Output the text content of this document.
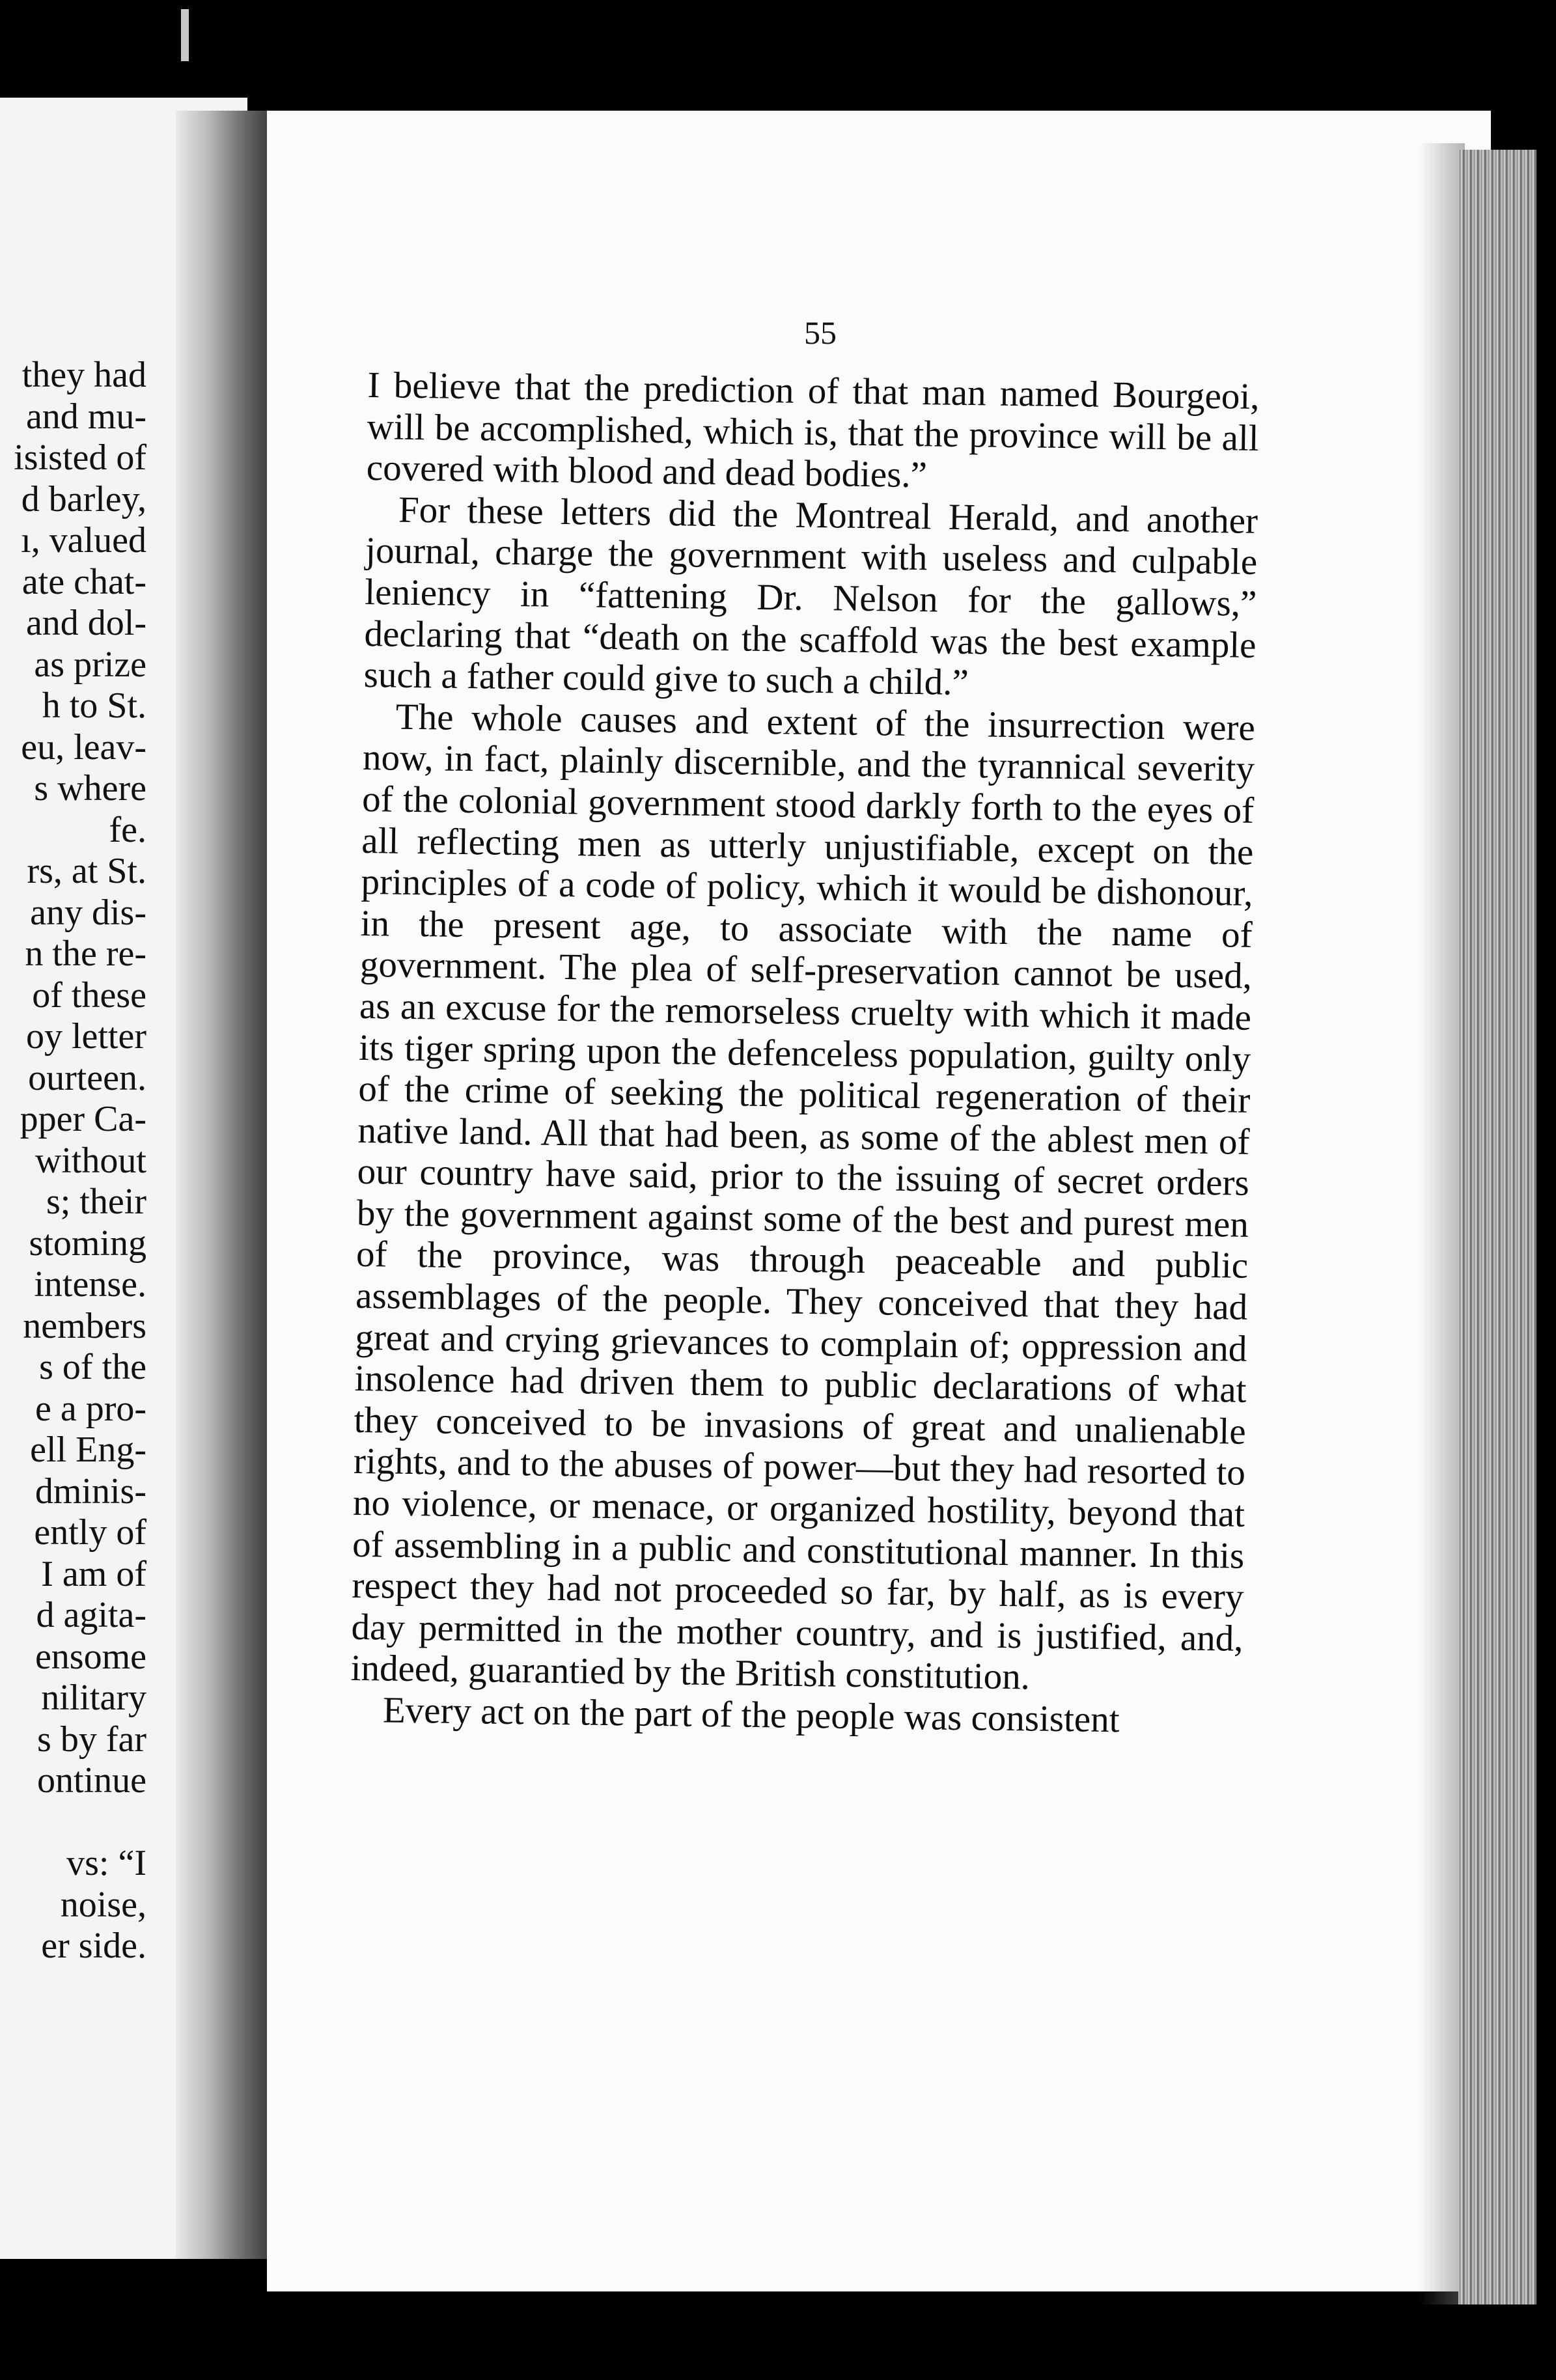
they had
and mu-
isisted of
d barley,
ı, valued
ate chat-
and dol-
as prize
h to St.
eu, leav-
s where
fe.
rs, at St.
any dis-
n the re-
of these
oy letter
ourteen.
pper Ca-
without
s; their
stoming
intense.
nembers
s of the
e a pro-
ell Eng-
dminis-
ently of
I am of
d agita-
ensome
nilitary
s by far
ontinue
vs: “I
noise,
er side.
55

I believe that the prediction of that man named Bourgeoi, will be accomplished, which is, that the province will be all covered with blood and dead bodies.”

For these letters did the Montreal Herald, and another journal, charge the government with useless and culpable leniency in “fattening Dr. Nelson for the gallows,” declaring that “death on the scaffold was the best example such a father could give to such a child.”

The whole causes and extent of the insurrection were now, in fact, plainly discernible, and the tyrannical severity of the colonial government stood darkly forth to the eyes of all reflecting men as utterly unjustifiable, except on the principles of a code of policy, which it would be dishonour, in the present age, to associate with the name of government. The plea of self-preservation cannot be used, as an excuse for the remorseless cruelty with which it made its tiger spring upon the defenceless population, guilty only of the crime of seeking the political regeneration of their native land. All that had been, as some of the ablest men of our country have said, prior to the issuing of secret orders by the government against some of the best and purest men of the province, was through peaceable and public assemblages of the people. They conceived that they had great and crying grievances to complain of; oppression and insolence had driven them to public declarations of what they conceived to be invasions of great and unalienable rights, and to the abuses of power—but they had resorted to no violence, or menace, or organized hostility, beyond that of assembling in a public and constitutional manner. In this respect they had not proceeded so far, by half, as is every day permitted in the mother country, and is justified, and, indeed, guarantied by the British constitution.

Every act on the part of the people was consistent
